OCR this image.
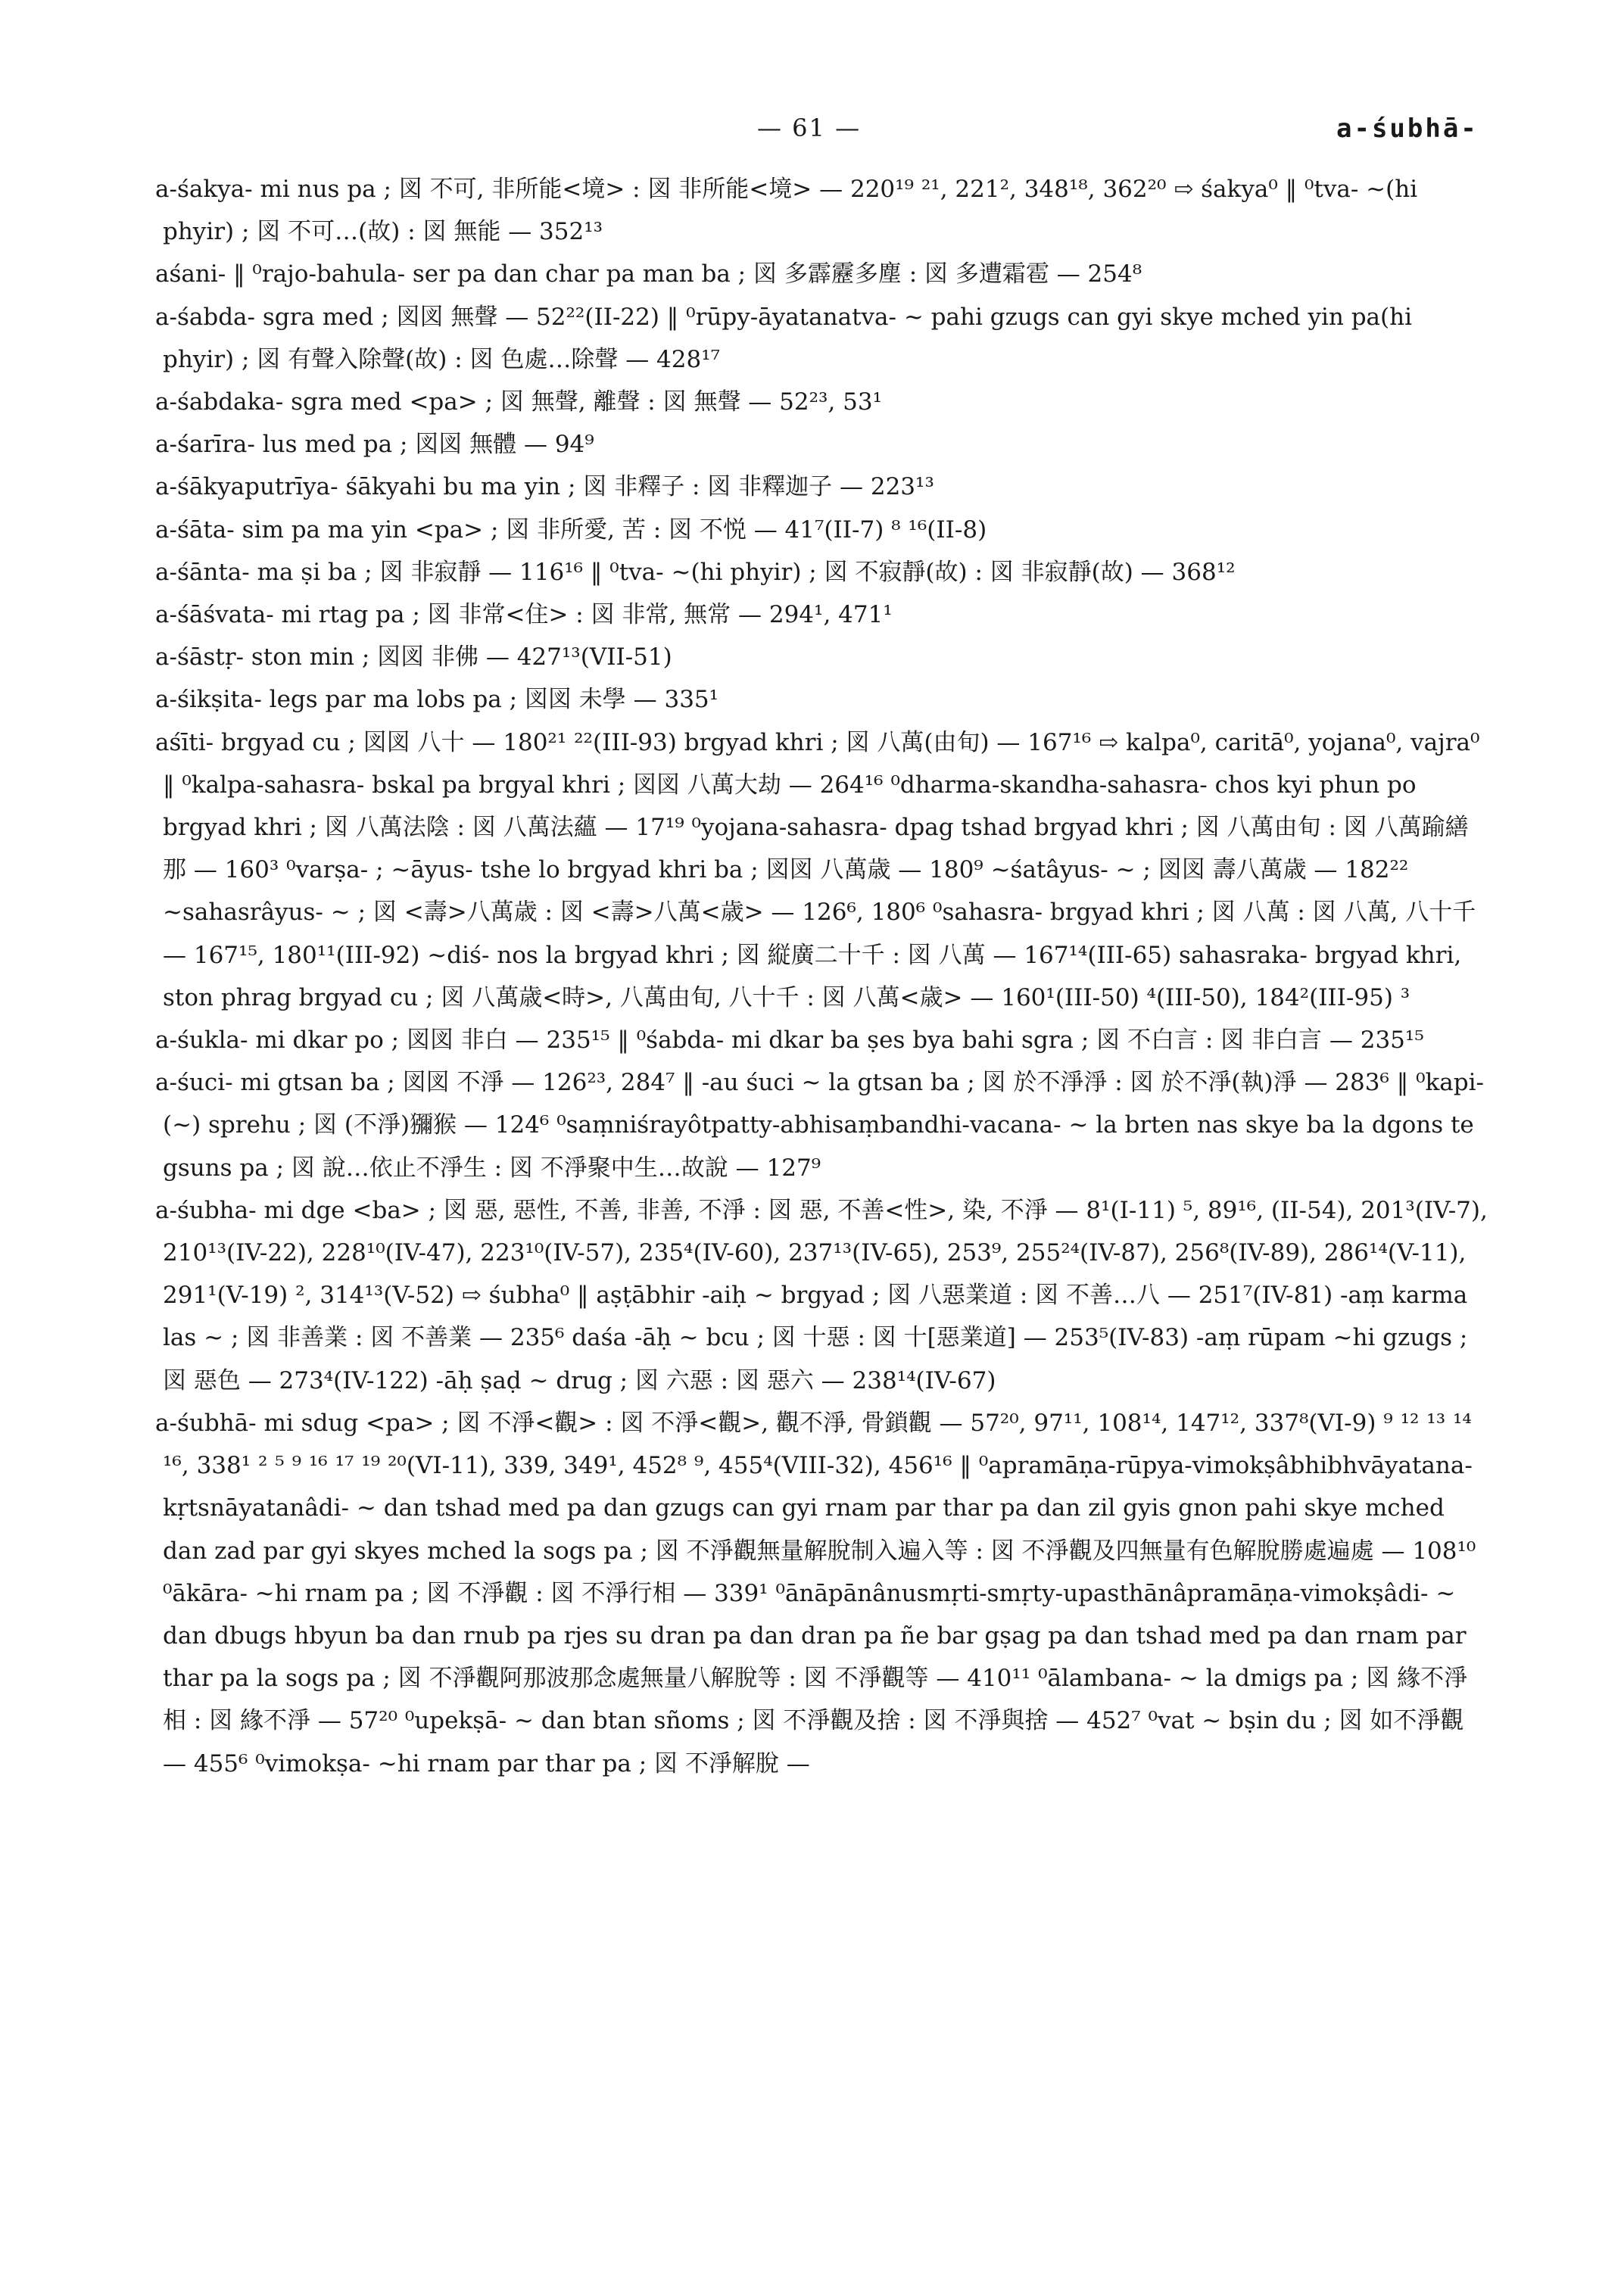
— 61 —	a-śubhā-
a-śakya- mi nus pa ; 図 不可, 非所能<境> : 図 非所能<境> — 220¹⁹ ²¹, 221², 348¹⁸, 362²⁰ ⇨ śakya⁰ ‖ ⁰tva- ~(hi phyir) ; 図 不可…(故) : 図 無能 — 352¹³
aśani- ‖ ⁰rajo-bahula- ser pa dan char pa man ba ; 図 多霹靂多塵 : 図 多遭霜雹 — 254⁸
a-śabda- sgra med ; 図図 無聲 — 52²²(II-22) ‖ ⁰rūpy-āyatanatva- ~ pahi gzugs can gyi skye mched yin pa(hi phyir) ; 図 有聲入除聲(故) : 図 色處…除聲 — 428¹⁷
a-śabdaka- sgra med <pa> ; 図 無聲, 離聲 : 図 無聲 — 52²³, 53¹
a-śarīra- lus med pa ; 図図 無體 — 94⁹
a-śākyaputrīya- śākyahi bu ma yin ; 図 非釋子 : 図 非釋迦子 — 223¹³
a-śāta- sim pa ma yin <pa> ; 図 非所愛, 苦 : 図 不悦 — 41⁷(II-7) ⁸ ¹⁶(II-8)
a-śānta- ma ṣi ba ; 図 非寂靜 — 116¹⁶ ‖ ⁰tva- ~(hi phyir) ; 図 不寂靜(故) : 図 非寂靜(故) — 368¹²
a-śāśvata- mi rtag pa ; 図 非常<住> : 図 非常, 無常 — 294¹, 471¹
a-śāstṛ- ston min ; 図図 非佛 — 427¹³(VII-51)
a-śikṣita- legs par ma lobs pa ; 図図 未學 — 335¹
aśīti- brgyad cu ; 図図 八十 — 180²¹ ²²(III-93) brgyad khri ; 図 八萬(由旬) — 167¹⁶ ⇨ kalpa⁰, caritā⁰, yojana⁰, vajra⁰ ‖ ⁰kalpa-sahasra- bskal pa brgyal khri ; 図図 八萬大劫 — 264¹⁶ ⁰dharma-skandha-sahasra- chos kyi phun po brgyad khri ; 図 八萬法陰 : 図 八萬法蘊 — 17¹⁹ ⁰yojana-sahasra- dpag tshad brgyad khri ; 図 八萬由旬 : 図 八萬踰繕那 — 160³ ⁰varṣa- ; ~āyus- tshe lo brgyad khri ba ; 図図 八萬歳 — 180⁹ ~śatâyus- ~ ; 図図 壽八萬歳 — 182²² ~sahasrâyus- ~ ; 図 <壽>八萬歳 : 図 <壽>八萬<歳> — 126⁶, 180⁶ ⁰sahasra- brgyad khri ; 図 八萬 : 図 八萬, 八十千 — 167¹⁵, 180¹¹(III-92) ~diś- nos la brgyad khri ; 図 縦廣二十千 : 図 八萬 — 167¹⁴(III-65) sahasraka- brgyad khri, ston phrag brgyad cu ; 図 八萬歳<時>, 八萬由旬, 八十千 : 図 八萬<歳> — 160¹(III-50) ⁴(III-50), 184²(III-95) ³
a-śukla- mi dkar po ; 図図 非白 — 235¹⁵ ‖ ⁰śabda- mi dkar ba ṣes bya bahi sgra ; 図 不白言 : 図 非白言 — 235¹⁵
a-śuci- mi gtsan ba ; 図図 不淨 — 126²³, 284⁷ ‖ -au śuci ~ la gtsan ba ; 図 於不淨淨 : 図 於不淨(執)淨 — 283⁶ ‖ ⁰kapi- (~) sprehu ; 図 (不淨)獼猴 — 124⁶ ⁰saṃniśrayôtpatty-abhisaṃbandhi-vacana- ~ la brten nas skye ba la dgons te gsuns pa ; 図 說…依止不淨生 : 図 不淨聚中生…故說 — 127⁹
a-śubha- mi dge <ba> ; 図 惡, 惡性, 不善, 非善, 不淨 : 図 惡, 不善<性>, 染, 不淨 — 8¹(I-11) ⁵, 89¹⁶, (II-54), 201³(IV-7), 210¹³(IV-22), 228¹⁰(IV-47), 223¹⁰(IV-57), 235⁴(IV-60), 237¹³(IV-65), 253⁹, 255²⁴(IV-87), 256⁸(IV-89), 286¹⁴(V-11), 291¹(V-19) ², 314¹³(V-52) ⇨ śubha⁰ ‖ aṣṭābhir -aiḥ ~ brgyad ; 図 八惡業道 : 図 不善…八 — 251⁷(IV-81) -aṃ karma las ~ ; 図 非善業 : 図 不善業 — 235⁶ daśa -āḥ ~ bcu ; 図 十惡 : 図 十[惡業道] — 253⁵(IV-83) -aṃ rūpam ~hi gzugs ; 図 惡色 — 273⁴(IV-122) -āḥ ṣaḍ ~ drug ; 図 六惡 : 図 惡六 — 238¹⁴(IV-67)
a-śubhā- mi sdug <pa> ; 図 不淨<觀> : 図 不淨<觀>, 觀不淨, 骨鎖觀 — 57²⁰, 97¹¹, 108¹⁴, 147¹², 337⁸(VI-9) ⁹ ¹² ¹³ ¹⁴ ¹⁶, 338¹ ² ⁵ ⁹ ¹⁶ ¹⁷ ¹⁹ ²⁰(VI-11), 339, 349¹, 452⁸ ⁹, 455⁴(VIII-32), 456¹⁶ ‖ ⁰apramāṇa-rūpya-vimokṣâbhibhvāyatana-kṛtsnāyatanâdi- ~ dan tshad med pa dan gzugs can gyi rnam par thar pa dan zil gyis gnon pahi skye mched dan zad par gyi skyes mched la sogs pa ; 図 不淨觀無量解脫制入遍入等 : 図 不淨觀及四無量有色解脫勝處遍處 — 108¹⁰ ⁰ākāra- ~hi rnam pa ; 図 不淨觀 : 図 不淨行相 — 339¹ ⁰ānāpānânusmṛti-smṛty-upasthānâpramāṇa-vimokṣâdi- ~ dan dbugs hbyun ba dan rnub pa rjes su dran pa dan dran pa ñe bar gṣag pa dan tshad med pa dan rnam par thar pa la sogs pa ; 図 不淨觀阿那波那念處無量八解脫等 : 図 不淨觀等 — 410¹¹ ⁰ālambana- ~ la dmigs pa ; 図 緣不淨相 : 図 緣不淨 — 57²⁰ ⁰upekṣā- ~ dan btan sñoms ; 図 不淨觀及捨 : 図 不淨與捨 — 452⁷ ⁰vat ~ bṣin du ; 図 如不淨觀 — 455⁶ ⁰vimokṣa- ~hi rnam par thar pa ; 図 不淨解脫 —
